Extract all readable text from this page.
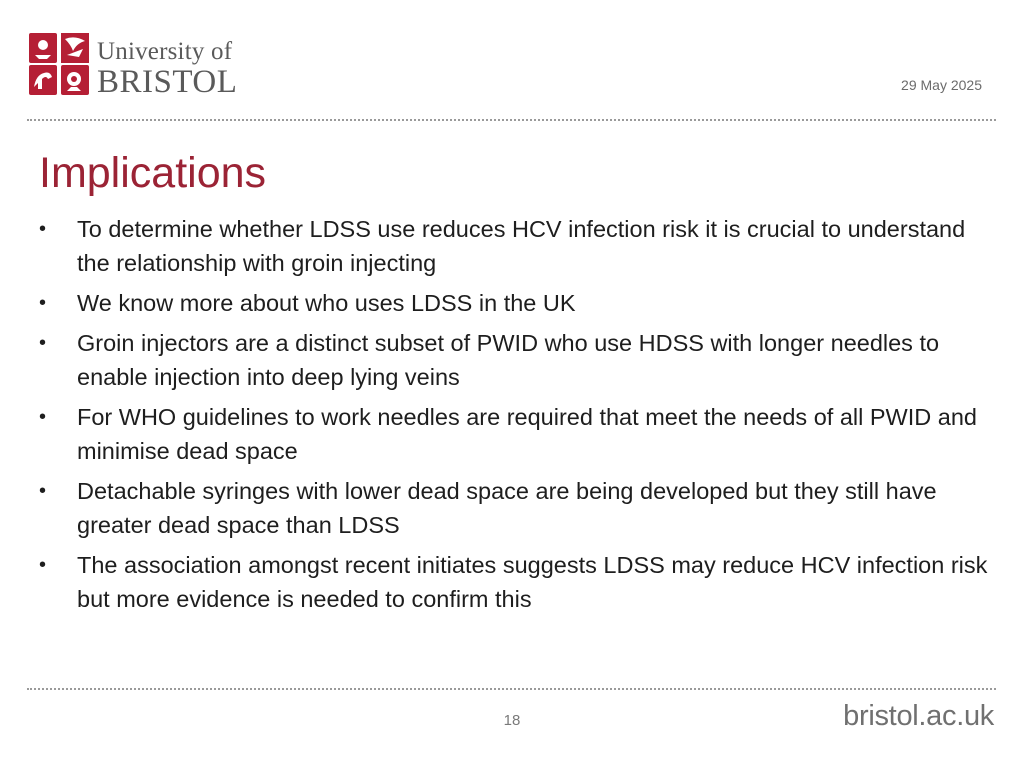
University of
BRISTOL	29 May 2025
Implications
•	To determine whether LDSS use reduces HCV infection risk it is crucial to understand the relationship with groin injecting
•	We know more about who uses LDSS in the UK
•	Groin injectors are a distinct subset of PWID who use HDSS with longer needles to enable injection into deep lying veins
•	For WHO guidelines to work needles are required that meet the needs of all PWID and minimise dead space
•	Detachable syringes with lower dead space are being developed but they still have greater dead space than LDSS
•	The association amongst recent initiates suggests LDSS may reduce HCV infection risk but more evidence is needed to confirm this
18	bristol.ac.uk
